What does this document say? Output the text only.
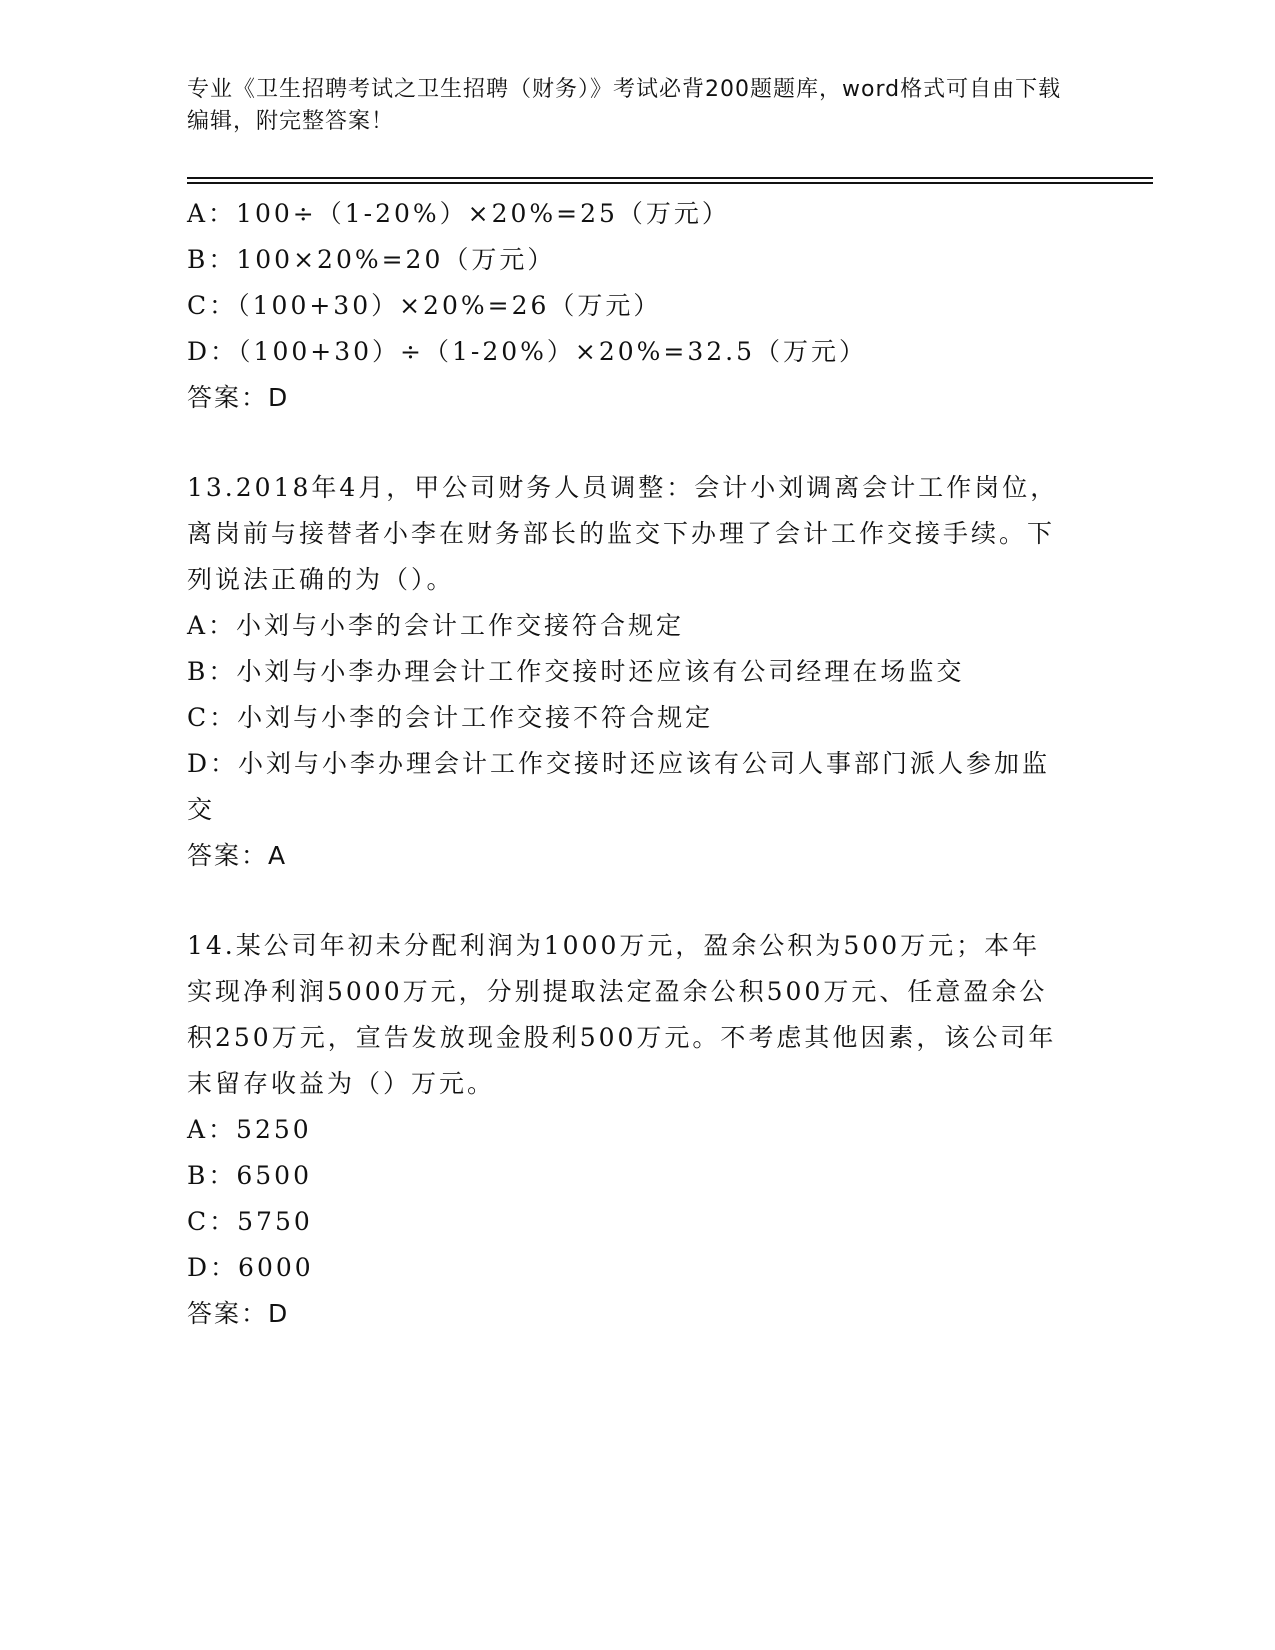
专业《卫生招聘考试之卫生招聘（财务）》考试必背200题题库，word格式可自由下载编辑，附完整答案！
A：100÷（1-20%）×20%=25（万元）
B：100×20%=20（万元）
C：（100+30）×20%=26（万元）
D：（100+30）÷（1-20%）×20%=32.5（万元）
答案：D
13.2018年4月，甲公司财务人员调整：会计小刘调离会计工作岗位，离岗前与接替者小李在财务部长的监交下办理了会计工作交接手续。下列说法正确的为（）。
A：小刘与小李的会计工作交接符合规定
B：小刘与小李办理会计工作交接时还应该有公司经理在场监交
C：小刘与小李的会计工作交接不符合规定
D：小刘与小李办理会计工作交接时还应该有公司人事部门派人参加监交
答案：A
14.某公司年初未分配利润为1000万元，盈余公积为500万元；本年实现净利润5000万元，分别提取法定盈余公积500万元、任意盈余公积250万元，宣告发放现金股利500万元。不考虑其他因素，该公司年末留存收益为（）万元。
A：5250
B：6500
C：5750
D：6000
答案：D
